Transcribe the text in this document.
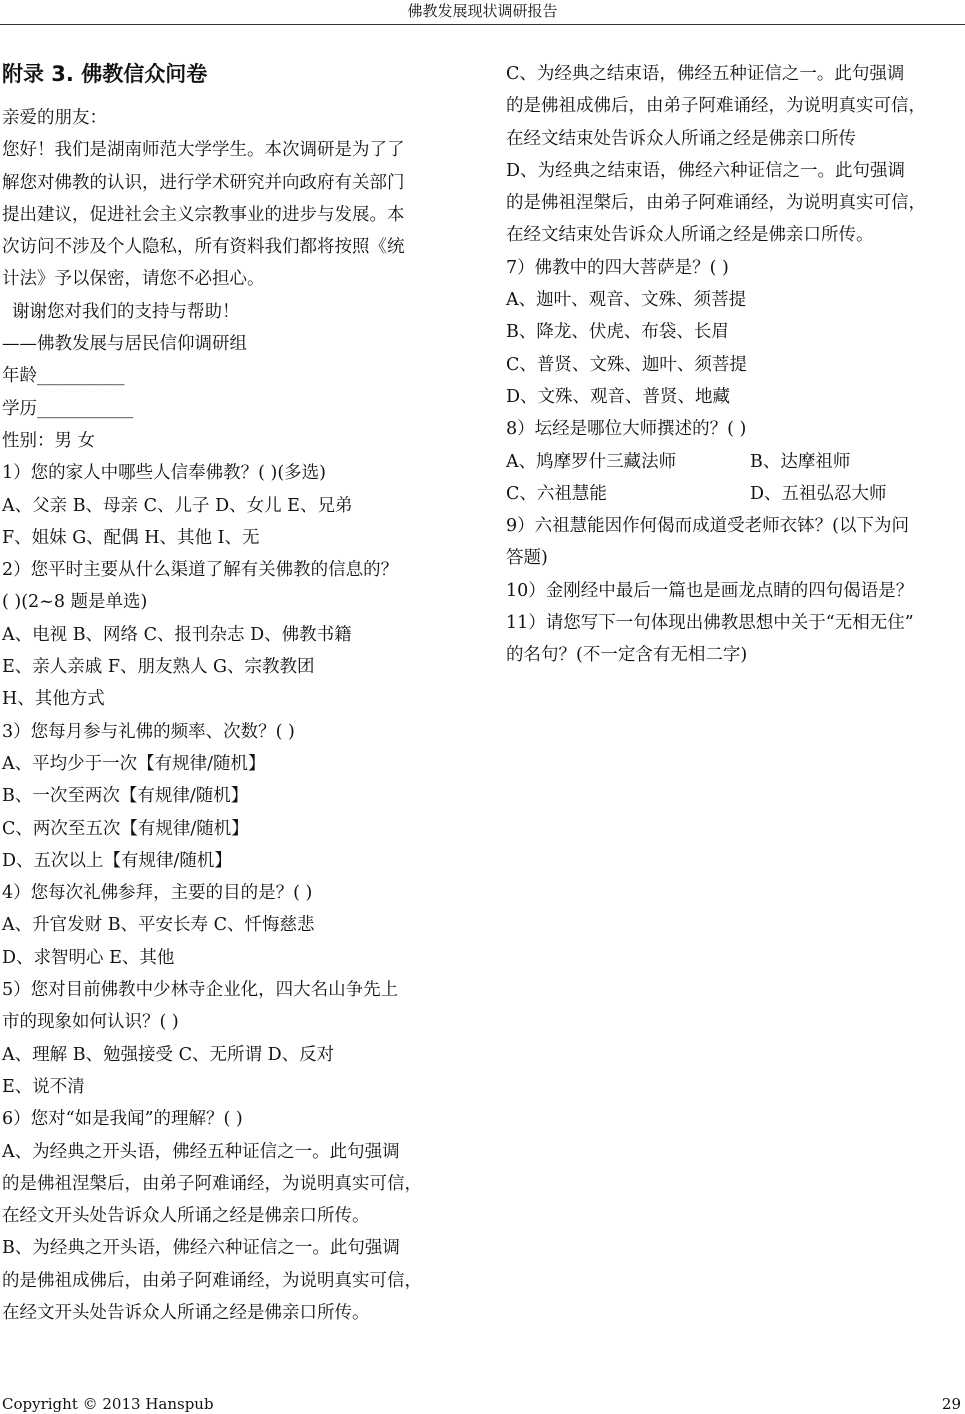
佛教发展现状调研报告

附录 3. 佛教信众问卷

亲爱的朋友：

您好！我们是湖南师范大学学生。本次调研是为了了

解您对佛教的认识，进行学术研究并向政府有关部门

提出建议，促进社会主义宗教事业的进步与发展。本

次访问不涉及个人隐私，所有资料我们都将按照《统

计法》予以保密，请您不必担心。

谢谢您对我们的支持与帮助！

——佛教发展与居民信仰调研组

年龄__________

学历___________

性别：男 女

1）您的家人中哪些人信奉佛教？( )(多选)

A、父亲 B、母亲 C、儿子 D、女儿 E、兄弟

F、姐妹 G、配偶 H、其他 I、无

2）您平时主要从什么渠道了解有关佛教的信息的？

( )(2~8 题是单选)

A、电视 B、网络 C、报刊杂志 D、佛教书籍

E、亲人亲戚 F、朋友熟人 G、宗教教团

H、其他方式

3）您每月参与礼佛的频率、次数？( )

A、平均少于一次【有规律/随机】

B、一次至两次【有规律/随机】

C、两次至五次【有规律/随机】

D、五次以上【有规律/随机】

4）您每次礼佛参拜，主要的目的是？( )

A、升官发财 B、平安长寿 C、忏悔慈悲

D、求智明心 E、其他

5）您对目前佛教中少林寺企业化，四大名山争先上

市的现象如何认识？( )

A、理解 B、勉强接受 C、无所谓 D、反对

E、说不清

6）您对“如是我闻”的理解？( )

A、为经典之开头语，佛经五种证信之一。此句强调

的是佛祖涅槃后，由弟子阿难诵经，为说明真实可信，

在经文开头处告诉众人所诵之经是佛亲口所传。

B、为经典之开头语，佛经六种证信之一。此句强调

的是佛祖成佛后，由弟子阿难诵经，为说明真实可信，

在经文开头处告诉众人所诵之经是佛亲口所传。

C、为经典之结束语，佛经五种证信之一。此句强调

的是佛祖成佛后，由弟子阿难诵经，为说明真实可信，

在经文结束处告诉众人所诵之经是佛亲口所传

D、为经典之结束语，佛经六种证信之一。此句强调

的是佛祖涅槃后，由弟子阿难诵经，为说明真实可信，

在经文结束处告诉众人所诵之经是佛亲口所传。

7）佛教中的四大菩萨是？( )

A、迦叶、观音、文殊、须菩提

B、降龙、伏虎、布袋、长眉

C、普贤、文殊、迦叶、须菩提

D、文殊、观音、普贤、地藏

8）坛经是哪位大师撰述的？( )

A、鸠摩罗什三藏法师	B、达摩祖师

C、六祖慧能	D、五祖弘忍大师

9）六祖慧能因作何偈而成道受老师衣钵？(以下为问

答题)

10）金刚经中最后一篇也是画龙点睛的四句偈语是？

11）请您写下一句体现出佛教思想中关于“无相无住”

的名句？(不一定含有无相二字)

Copyright © 2013 Hanspub	29
